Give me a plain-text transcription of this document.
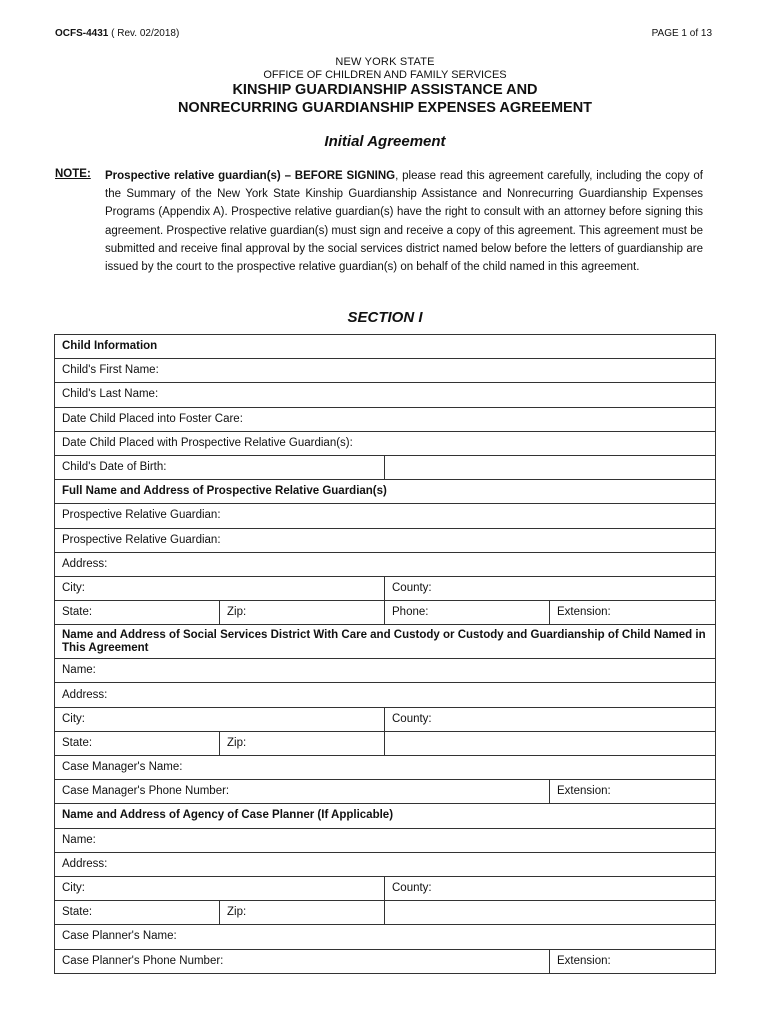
OCFS-4431 ( Rev. 02/2018)	PAGE 1 of 13
NEW YORK STATE
OFFICE OF CHILDREN AND FAMILY SERVICES
KINSHIP GUARDIANSHIP ASSISTANCE AND
NONRECURRING GUARDIANSHIP EXPENSES AGREEMENT
Initial Agreement
NOTE: Prospective relative guardian(s) – BEFORE SIGNING, please read this agreement carefully, including the copy of the Summary of the New York State Kinship Guardianship Assistance and Nonrecurring Guardianship Expenses Programs (Appendix A). Prospective relative guardian(s) have the right to consult with an attorney before signing this agreement. Prospective relative guardian(s) must sign and receive a copy of this agreement. This agreement must be submitted and receive final approval by the social services district named below before the letters of guardianship are issued by the court to the prospective relative guardian(s) on behalf of the child named in this agreement.
SECTION I
Child Information			
Child's First Name:			
Child's Last Name:			
Date Child Placed into Foster Care:			
Date Child Placed with Prospective Relative Guardian(s):			
Child's Date of Birth:			
Full Name and Address of Prospective Relative Guardian(s)			
Prospective Relative Guardian:			
Prospective Relative Guardian:			
Address:			
City:		County:	
State:	Zip:	Phone:	Extension:
Name and Address of Social Services District With Care and Custody or Custody and Guardianship of Child Named in This Agreement			
Name:			
Address:			
City:		County:	
State:	Zip:		
Case Manager's Name:			
Case Manager's Phone Number:			Extension:
Name and Address of Agency of Case Planner (If Applicable)			
Name:			
Address:			
City:		County:	
State:	Zip:		
Case Planner's Name:			
Case Planner's Phone Number:			Extension:
